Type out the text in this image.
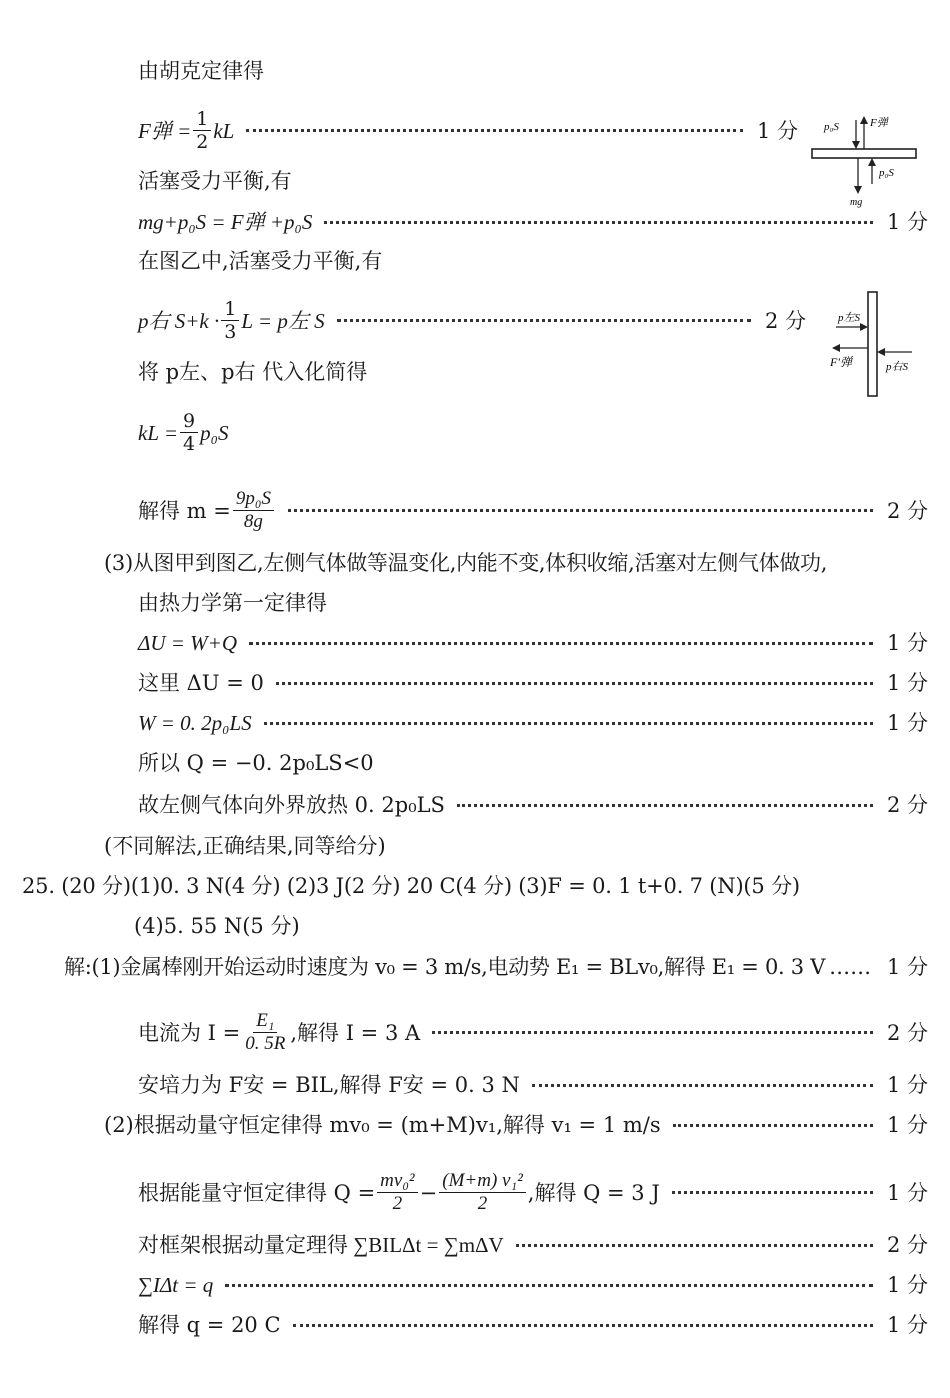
由胡克定律得
F弹 = $\frac{1}{2}$ kL	1 分 p₀S	F弹
p₀S
mg
活塞受力平衡,有
mg+p₀S = F弹 +p₀S	1 分
在图乙中,活塞受力平衡,有
p右 $S+k \cdot \frac{1}{3}$ L = p左 S	2 分	p左S
F′弹	p右S
将 p左、p右 代入化简得
kL = $\frac{9}{4} p_0S$
解得 $m = \frac{\text{9p₀S}}{8g}$	2 分
(3)从图甲到图乙,左侧气体做等温变化,内能不变,体积收缩,活塞对左侧气体做功,
由热力学第一定律得
ΔU = W+Q	1 分
这里 ΔU = 0	1 分
W = 0. 2p₀LS	1 分
所以 Q = −0. 2p₀LS<0
故左侧气体向外界放热 0. 2p₀LS	2 分
(不同解法,正确结果,同等给分)
25. (20 分)(1)0. 3 N(4 分) (2)3 J(2 分) 20 C(4 分) (3)F = 0. 1 t+0. 7 (N)(5 分)
(4)5. 55 N(5 分)
解:(1)金属棒刚开始运动时速度为 v₀ = 3 m/s,电动势 E₁ = BLv₀,解得 E₁ = 0. 3 V …… 1 分
电流为 $I = \frac{\text{E₁}}{0. 5R}$ ,解得 I = 3 A	2 分
安培力为 F安 = BIL,解得 F安 = 0. 3 N	1 分
(2)根据动量守恒定律得 mv₀ = (m+M)v₁,解得 v₁ = 1 m/s	1 分
根据能量守恒定律得 $Q = \frac{\text{mv₀²}}{2} - \frac{\text{(M+m) v₁²}}{2}$ ,解得 Q = 3 J	1 分
对框架根据动量定理得 ∑BILΔt = ∑mΔV	2 分
∑IΔt = q	1 分
解得 q = 20 C	1 分
